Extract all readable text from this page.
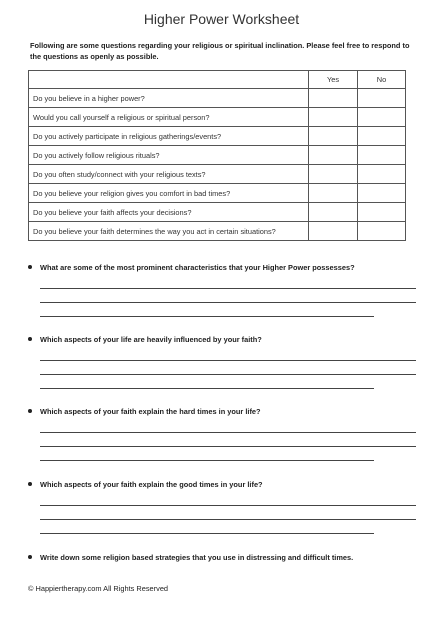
Higher Power Worksheet
Following are some questions regarding your religious or spiritual inclination. Please feel free to respond to the questions as openly as possible.
	Yes	No
Do you believe in a higher power?		
Would you call yourself a religious or spiritual person?		
Do you actively participate in religious gatherings/events?		
Do you actively follow religious rituals?		
Do you often study/connect with your religious texts?		
Do you believe your religion gives you comfort in bad times?		
Do you believe your faith affects your decisions?		
Do you believe your faith determines the way you act in certain situations?		
What are some of the most prominent characteristics that your Higher Power possesses?
Which aspects of your life are heavily influenced by your faith?
Which aspects of your faith explain the hard times in your life?
Which aspects of your faith explain the good times in your life?
Write down some religion based strategies that you use in distressing and difficult times.
© Happiertherapy.com All Rights Reserved
